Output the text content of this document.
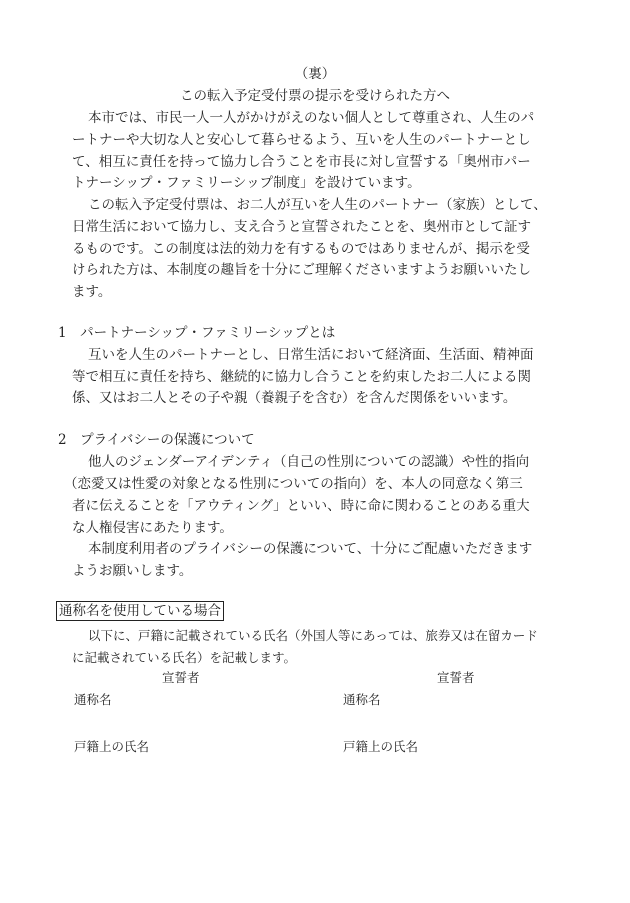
（裏）
この転入予定受付票の提示を受けられた方へ
本市では、市民一人一人がかけがえのない個人として尊重され、人生のパ
ートナーや大切な人と安心して暮らせるよう、互いを人生のパートナーとし
て、相互に責任を持って協力し合うことを市長に対し宣誓する「奥州市パー
トナーシップ・ファミリーシップ制度」を設けています。
この転入予定受付票は、お二人が互いを人生のパートナー（家族）として、
日常生活において協力し、支え合うと宣誓されたことを、奥州市として証す
るものです。この制度は法的効力を有するものではありませんが、掲示を受
けられた方は、本制度の趣旨を十分にご理解くださいますようお願いいたし
ます。
1　パートナーシップ・ファミリーシップとは
互いを人生のパートナーとし、日常生活において経済面、生活面、精神面
等で相互に責任を持ち、継続的に協力し合うことを約束したお二人による関
係、又はお二人とその子や親（養親子を含む）を含んだ関係をいいます。
2　プライバシーの保護について
他人のジェンダーアイデンティ（自己の性別についての認識）や性的指向
（恋愛又は性愛の対象となる性別についての指向）を、本人の同意なく第三
者に伝えることを「アウティング」といい、時に命に関わることのある重大
な人権侵害にあたります。
本制度利用者のプライバシーの保護について、十分にご配慮いただきます
ようお願いします。
通称名を使用している場合
以下に、戸籍に記載されている氏名（外国人等にあっては、旅券又は在留カード
に記載されている氏名）を記載します。
宣誓者
通称名
戸籍上の氏名
宣誓者
通称名
戸籍上の氏名
